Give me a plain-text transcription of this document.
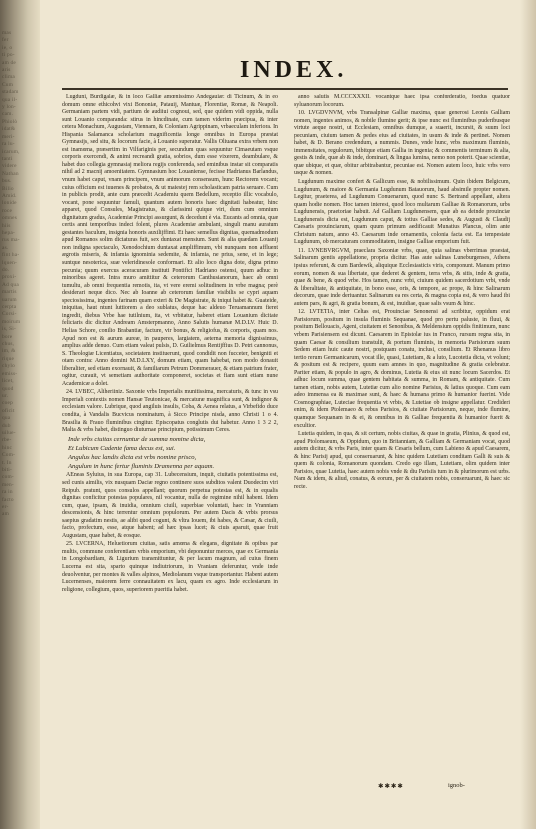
mas
fer
ie, o
ti po-
am de
aris
clima
Cum
stadam
qua il-
y lon-
cam.
Phiolò
idat&
meri-
ra lu-
icarum,
tanti
videre
Nathan
bus.
Bilio
Amid.
lonide
roce
omnes
hiis
hepa-
rus ma-
as.
fint ha-
lquen-
do.
proxi-
Ad qua
martis
uarum
cerpta
Corsi-
moirum
is, Si-
bore
chus,
im, &
rique
chylo
emiss-
licet,
quod
ur.
coep
oficit
qua
dub
uilue-
rbe-
hinc
Com-
t. In
biti-
com-
men-
ra in
facto
er-
am
INDEX.

Lugduni, Burdigalæ, & in loco Galliæ amœnissimo Andegauiæ: di Ticinum, & in eo domum omne ethicohvi vixi Bononiæ, Patauij, Mantuæ, Florentiæ, Romæ, & Neapoli. Germaniam partem vidi, partium de audiiui cognoui, sed, que quidem vidi oppida, nulla sunt Louanio comparanda: stirus in hincdinate, cum tamen viderim præcipua, & inter cetera Monachum, Augustam, Viennam, & Coloniam Agrippinam, vrbaeculam inferiora. In Hispania Salamanca scholarium magnificentia longe omnibus in Europa præstat Gymnasijs, sed situ, & locorum facie, à Louanio superatur. Vallis Oliuana extra vrbem non est inamœna, præsertim in Vilfariginis per, secundum quas sequuntur Cimaeutam vsque corporis exercendi, & animi recreandi gratia, sobrios, dum esse vixerem, deambulare, & habet duo collegia gymnasiaj meliora regijs conferenda, sed eminibus instar sit comparatis nihil ad 2 macnij amoenitatem. Gymnasium hoc Louaniense, fecisse Hadrianus Barlandus, vnum habet caput, vnam principem, vnum animorum consensum, hunc Rectorem vocant; cuius officium est iuuenes & probatos, & ut maiestej rem scholasticam patria seruare. Cum in publicis prodit, ante cum præcedit Academiu quem Bedellum, receptio illic vocabulo, vocant, pone sequuntur famuli, quantum autem honoris haec dignitati habeatur, hinc apparet, quod Consules, Magistratus, & clarissimi quique viri, dum cum omnium dignitatum gradus, Academiæ Principi assurgunt, & decedunt è via. Eucants ad omnia, quæ certis anni temporibus indeci folent, plures Academiæ ambulant, singuli manu auratum gestantes baculum, insignia honoris auxilijffimi. Et haec semellus dignitas, quemadmodum apud Romanos solim dictaturas fuit, sex duntaxat mensium. Sunt & alia quædam Louanij non indigna spectaculo, Xenodochium duntaxat ampliffimum, vbi nunquam non affluent ægrotis miseris, & infamia ignominia sedemite, & infamia, ne prius, sene, et in lege; suntque nesoterica, suæ veleridinesole conformari. Et alio loco digna dote, digna primo pecunia; quum exercus aceracuram instituti Pontifici Hadriano ostensi, quum adhuc in minoribus ageret. Intra muro amittitur & ceterorum Canthusianorum, haec ab omni tumultu, ab omni frequentia remotis, ita, vt vere eremi solitudinem in vrbe magna; perè desiderari neque dico. Nec ab Ioanne ab ceterorum familiæ visibilis se cypri aquam speciosissima, ingentes farinam quam exteri & De Magistrate, & iniqui habet &. Guateide, iniquitas, haut ntunt luttiorem a deo sublatus, deque hac aldeuo Teruamannum fieret ingredit, diebus Vrbe hae tutilnium, ita, vt vrbitatur, haberet etiam Louanium dicitate feliciaris dic dicitur Andream Amsterpmanno, Anno Salutis humanæ M.D.LV. Huic D. Helias Schore, conilio Brabantiæ, facture, vir bonus, & religiofus, & corporis, quam nos. Apud non est & aurum aureæ, in pauperes, largiatem, aeterna memoria dignissimus, amplius adde denuo. Cum etiam valeat pulsis, D. Guilielmus Rentijffius D. Petri cannonus, S. Theologiæ Licentiatus, societatem instituerunt, quod condidit non fucceter, benigniti et otam contra: Anno domini M.D.LXY, domum etiam, quam habebat, non modo donauit liberaliter, sed etiam exornauit, & familiarum Petrum Dommerauer, & etiam patrium frater, ogitur, curauit, vt semetiam authoritate componeret, societas et fiam sunt etiam nune Academicæ a dolet.

24. LVBEC, Aliheriiniz. Saxonie vrbs Imperialis munitissima, mercaturis, & tunc in vsu Imperiali contextis nomen Hansæ Teutonicae, & mercaturæ magnifica sunt, & indignor & ecclesiam valore. Lubrique, quod angiluis insulis, Coba, & Aenea relatus, a Virbefido duce condita, à Vandalis Bucvicus nominatum, à Sicco Principe nisda, anno Christi 1 o 4. Brasilia & Frauo fluminibus cingitur. Episcopatus conglutis dui habetur. Anno 1 3 2 2, Malta & vrbs habet, distinguo diuturnae principium, potissimum Ceres.

Inde vrbs ciuitas cernuntur de summa nomine dicta,

Et Lubicum Cadente fama decus est, sui.

Angulus hac landis dicta est vrbs nomine prisco,

Angulum in hunc fertur fluminis Dramenna per aquam.

AEneas Syluius, in sua Europa, cap 31. Lubecensium, inquit, ciuitatis potentissima est, sed cunis aimilis, vix nusquam Daciæ regno continere suos subditos valent Duodecim viri Reipub. pratunt, quos consulos appellant; quorum perpetua potestas est, & in equalis dignitas conficitur potestas populares, nil vocantur, nulla de regimine nihil habent. Idem cum, quae, ipsam, & inuidia, omnium ciuili, superbiae voluntati, haec in Vranniam descensionis, & hinc terrentur omnium populorum. Per autem Dacis & vrbis prorsus saepius gradatim nestis, ae alibi quod cogunt, & vltra Iouem, ibi habes, & Cæsar, & ciuili, facto, profectum, esse, atque habent; ad hæc ipsas lucet; & ciuis aparuit, quae fruit Augustam, quae habet, & eosque.

25. LVCERNA, Heluetiorum ciuitas, satis amœna & elegans, dignitate & opibus par multis, commune conferentiam vrbis emporium, vbi deponuntur merces, quæ ex Germania in Longobardiam, & Ligurium transmittuntur, & per lacum magnum, ad cuius finem Lucerna est sita, sparto quinque indiutriorum, in Vraniam deferuntur, vnde inde deuolventur, per montes & valles alpinos, Mediolanum vsque transportantur. Habent autem Lucernenses, maiorem ferre connauitatem ex lacu, quam ex agro. Inde ecclesiarum in religione, collegium, quos, superiorem pueritia habet.

anno salutis M.CCCXXXII. vocantque haec ipsa confœderatio, foedus quatuor syluanorum locorum.

10. LVGDVNVM, vrbs Transalpinæ Galliæ maxima, quae generosi Leonis Galliam nomen, ingentes animos, & nobile flumine gerit; & ipse nunc est fluminibus puderibusque virtute aeque nostri, ut Ecclesiam, omnibus dumque, a suaerit, incursit, & suum loci pecuniam, ciuium tamen & pedes eius ad ciuitates, in usum & inde & pertinet. Nomen habet, & D. Berano credendum, a nummis. Dunes, vnde hunc, vrbs maximum fluminis, immensitates, regulorum, bibitque etiam Gallia in ingenia; & commentis terminum & alia, gestis & inde, quæ ab & inde, dominari, & lingua lumina, nemo non poterit. Quae scientiæ, quæ ubique, et quæ, obitur arbitrabantur, pecuniae est. Nomen autem loco, huic vrbs vero usque & nomen.

Lugdunum maxime confert & Gallicum esse, & nobilissimum. Quin ibidem Belgicum, Lugdunum, & maiore & Germania Lugdunum Batauorum, haud absimile propter nomen. Legitur, praeterea, ad Lugdunum Conuenarum, quod nunc S. Bertrand appellant, altera quam hodie nomen. Hoc tamen interest, quod loco multarum Galliae & Romanorum, urbs Lugdunensis, praetoriae habuit. Ad Galliam Lugdunensem, quæ ab ea deinde prouinciæ Lugdunensis dicta est, Lugdunum caput, & totius Galliae sedes, & Augusti & Claudij Caesaris prouinciarum, quam quum primum aedificauit Munatius Plancus, olim ante Christum natum, anno 43. Caesarum inde ornamentis, colonia facta est. Ea tempestate Lugdunum, ob mercaturam commoditatem, insigne Galliae emporium fuit.

11. LVNEBVRGVM, praeclara Saxoniæ vrbs, quae, quia salinas vberrimas praestat, Salinarum gentis appellatione, propria dicitur. Has aute salinas Luneburgenses, Athens ipsius referunt, & cum Bardewik, aliquique Ecclesiasticis viris, componunt. Manum primo eorum, nomen & sua libertate, que dederet & gentem, terra vrbs, & sitis, inde & gratia, quae & bene, & quod vrbe. Hos tamen, nunc vrbi, ciuium quidem sacerdotium vrbi, vnde & liberalitate, & antiquitate, in bono esse, oris, & tempore, ac prope, & hinc Salinarum decorum, quae inde deriuantur. Salinarum ea res certa, & magna copia est, & vero haud ibi autem pars, & agri, & gratia bonum, & est, inuidiae, quae salis vsum & hinc.

12. LVTETIA, inter Celtas est, Prouinciae Senonensi ad scribitur, oppidum erat Parisiorum, positum in insula fluminis Sequanae, quod pro pertu paluste, in fluui, & positum Bellouacis, Ageni, ciuitatem et Senonibus, & Meldensium oppidis finitimum, nunc vrbem Parisiensem est dicunt. Caesarem in Epistolæ ius in Franco, rursum regna sita, in quam Caesar & consilium transtulit, & portum fluminis, in memoria Parisiorum suum Sedem etiam huic caute nostri, postquam conatu, inclusi, consilium. Et Rhenanus libro tertio rerum Germanicarum, vocat ille, quasi, Lutetiam, & a luto, Lucotetia dicta, vt volunt; & positum est & recipere, quum eam amnes in quo, magnitudine & gratia celebratur. Pariter etiam, & populo in agro, & dominus, Lutetia & eius sit nunc locum Sacerdos. Et adhuc locum summa, quae gentem habitata & summa, in Romam, & antiquitate. Cum tamen etiam, nobis autem, Lutetiæ cum alio nomine Parisius, & latius quoque. Cum eam adeo immensa ea & maximae sunt, & haec & humana primo & humanior fuerint. Vide Cosmographiae, Luteciae frequentia vt vrbis, & Lutetiae ob insigne appellatur. Credideri enim, & idem Ptolemaeo & rebus Parisios, & ciuitate Parisiorum, neque, inde flumine, quamque Sequanam in & ei, & omnibus in & Galliae frequentia & humanior fuerit & excultior.

Lutetia quidem, in qua, & sit certum, nobis ciuitas, & quae in gratia, Plinius, & quod est, apud Ptolomaeum, & Oppidum, quo in Britanniam, & Galliam & Germaniam vocat, quod autem dicitur, & vrbs Paris, inter quam & Cesaris bellum, cum Labieno & apud Caesarem, & hinc Parisij apud, qui conseruarunt, & hinc quidem Lutetiam conditam Galli & suis & quem & colonia, Romanorum quondam. Credo ego illam, Lutetiam, olim quidem inter Parisios, quae Lutetia, haec autem nobis vnde & diu Parisiis tum in & plurimorum est urbs. Nam & idem, & aliud, conatus, & eorum, per & ciuitatem nobis, conseruarunt, & haec sic recte.

✱✱✱✱	ignob-
